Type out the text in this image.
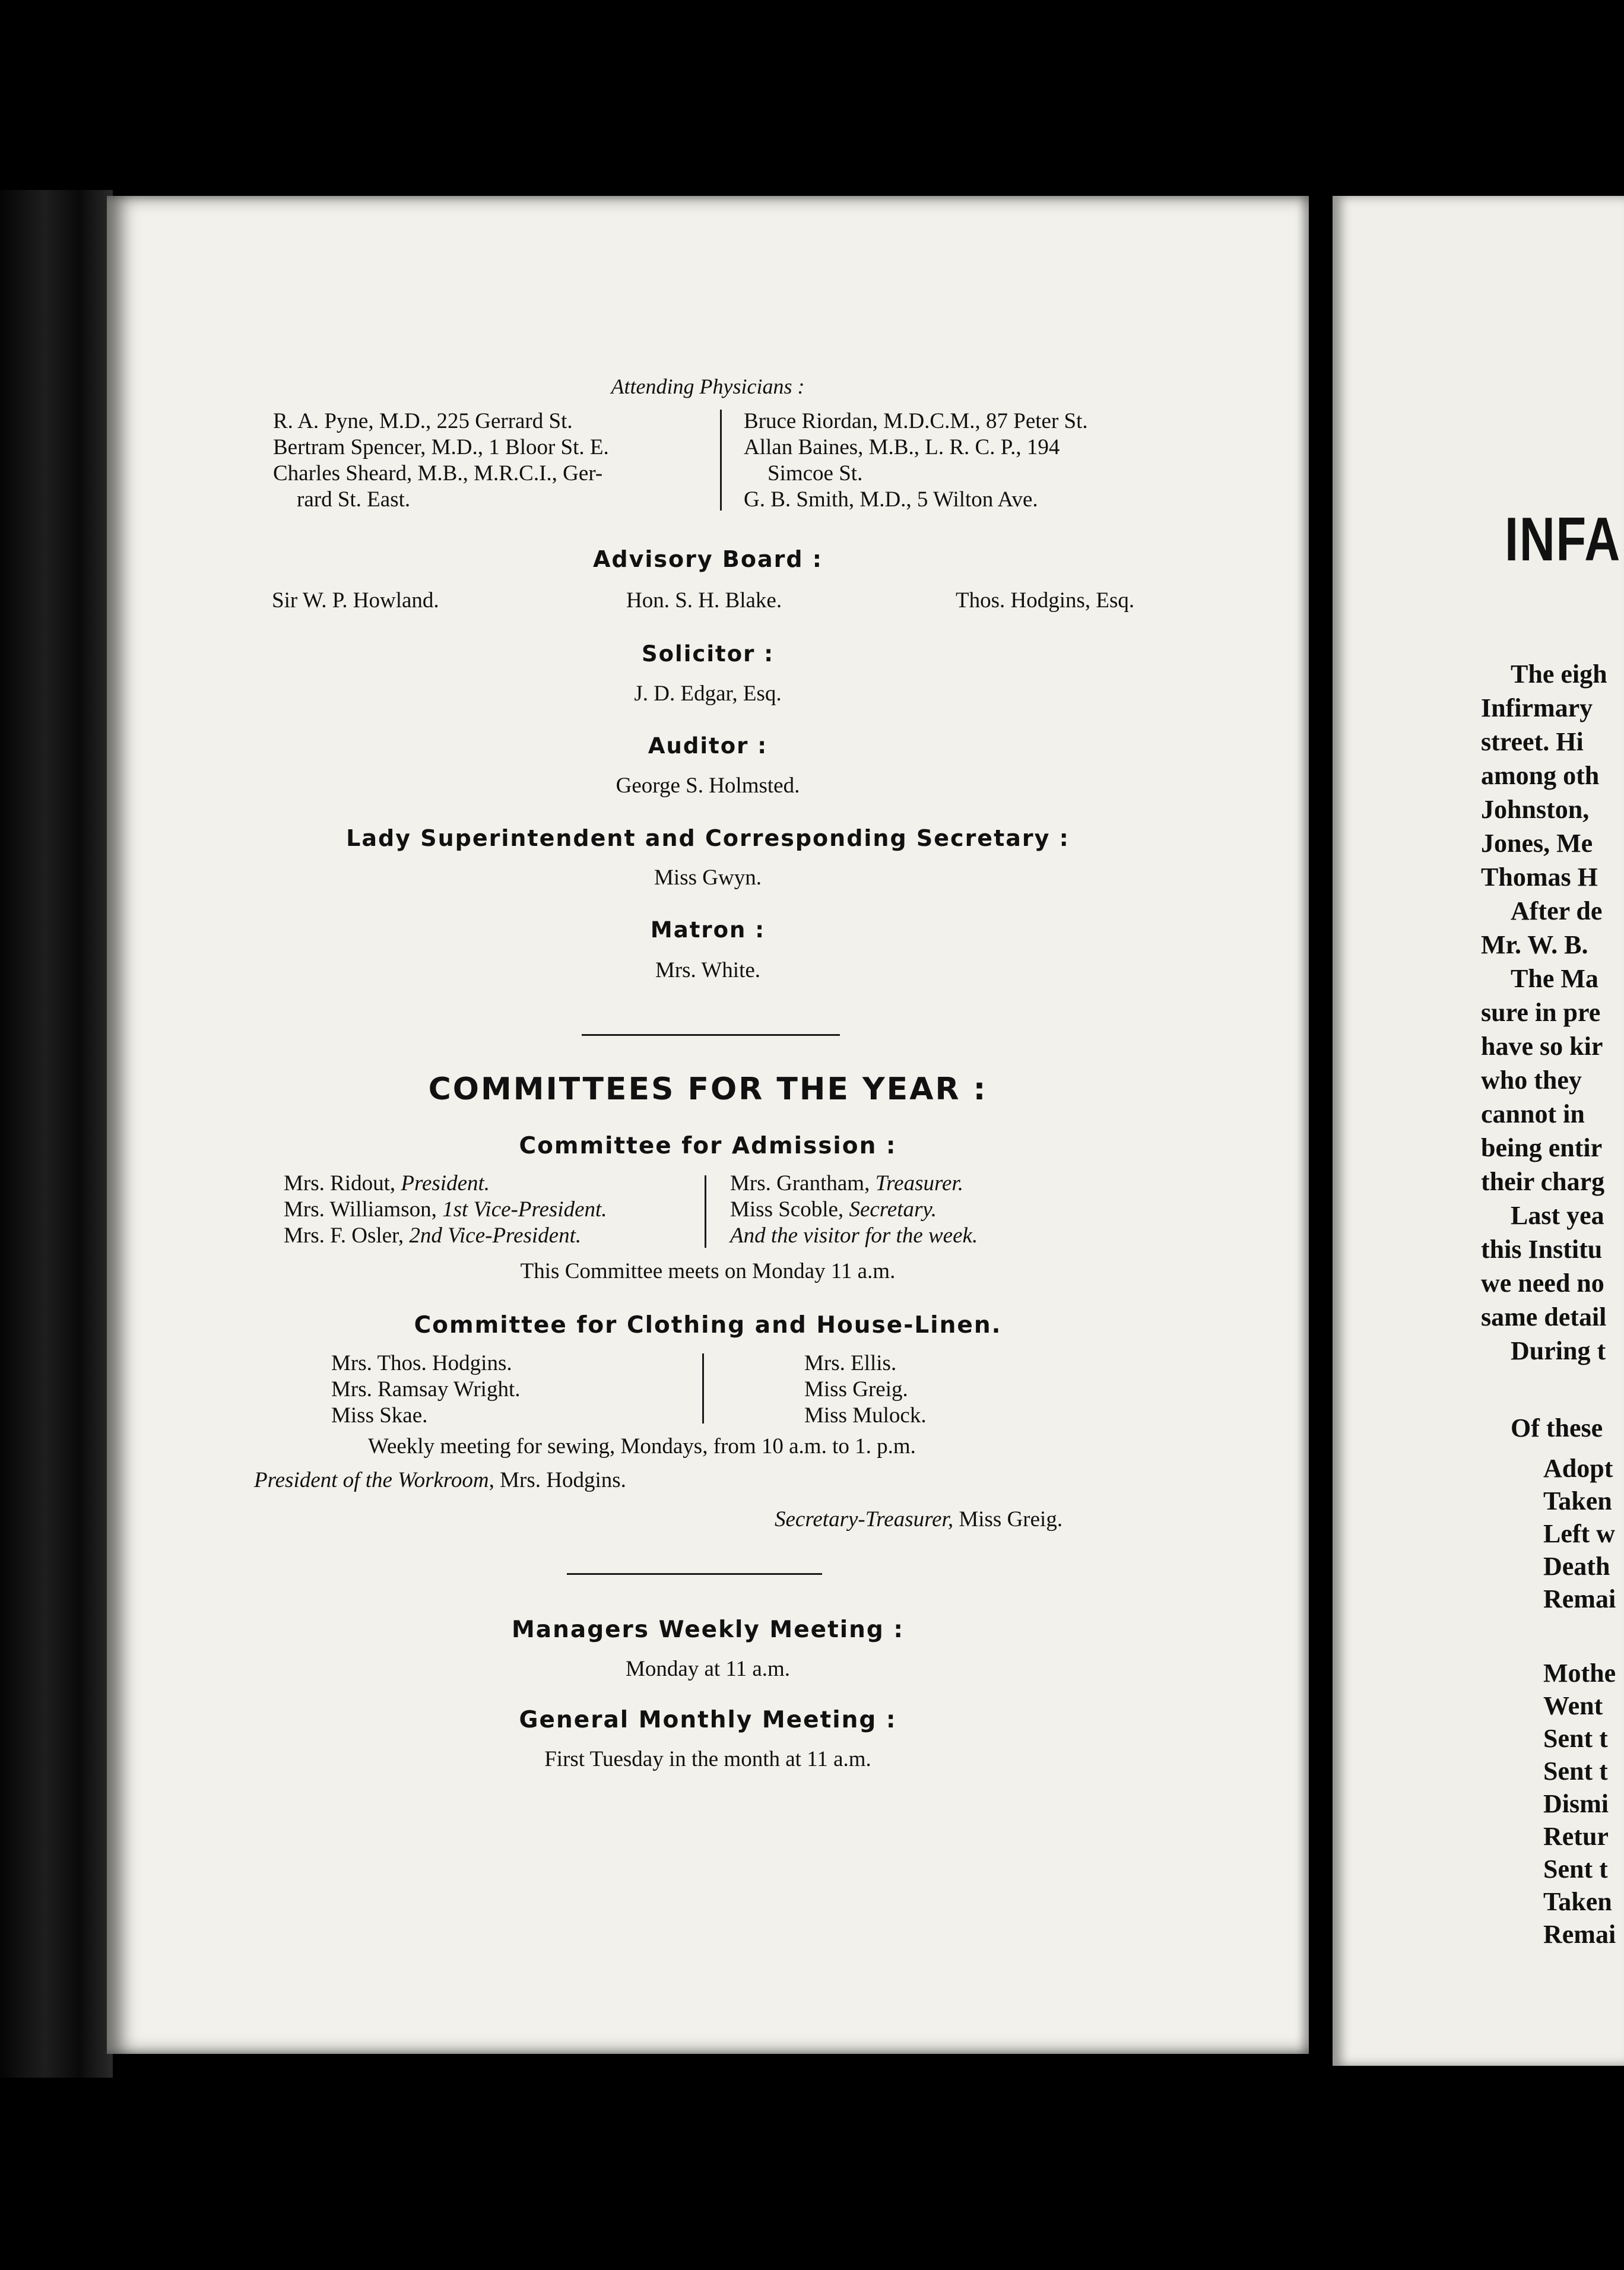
Attending Physicians :
R. A. Pyne, M.D., 225 Gerrard St.
Bertram Spencer, M.D., 1 Bloor St. E.
Charles Sheard, M.B., M.R.C.I., Ger-
rard St. East.
Bruce Riordan, M.D.C.M., 87 Peter St.
Allan Baines, M.B., L. R. C. P., 194
Simcoe St.
G. B. Smith, M.D., 5 Wilton Ave.
Advisory Board :
Sir W. P. Howland.	Hon. S. H. Blake.	Thos. Hodgins, Esq.
Solicitor :
J. D. Edgar, Esq.
Auditor :
George S. Holmsted.
Lady Superintendent and Corresponding Secretary :
Miss Gwyn.
Matron :
Mrs. White.
COMMITTEES FOR THE YEAR :
Committee for Admission :
Mrs. Ridout, President.
Mrs. Williamson, 1st Vice-President.
Mrs. F. Osler, 2nd Vice-President.
Mrs. Grantham, Treasurer.
Miss Scoble, Secretary.
And the visitor for the week.
This Committee meets on Monday 11 a.m.
Committee for Clothing and House-Linen.
Mrs. Thos. Hodgins.
Mrs. Ramsay Wright.
Miss Skae.
Mrs. Ellis.
Miss Greig.
Miss Mulock.
Weekly meeting for sewing, Mondays, from 10 a.m. to 1. p.m.
President of the Workroom, Mrs. Hodgins.
Secretary-Treasurer, Miss Greig.
Managers Weekly Meeting :
Monday at 11 a.m.
General Monthly Meeting :
First Tuesday in the month at 11 a.m.
INFA
The eigh
Infirmary
street. Hi
among oth
Johnston,
Jones, Me
Thomas H
After de
Mr. W. B.
The Ma
sure in pre
have so kir
who they
cannot in
being entir
their charg
Last yea
this Institu
we need no
same detail
During t
Of these
Adopt
Taken
Left w
Death
Remai
Mothe
Went
Sent t
Sent t
Dismi
Retur
Sent t
Taken
Remai
